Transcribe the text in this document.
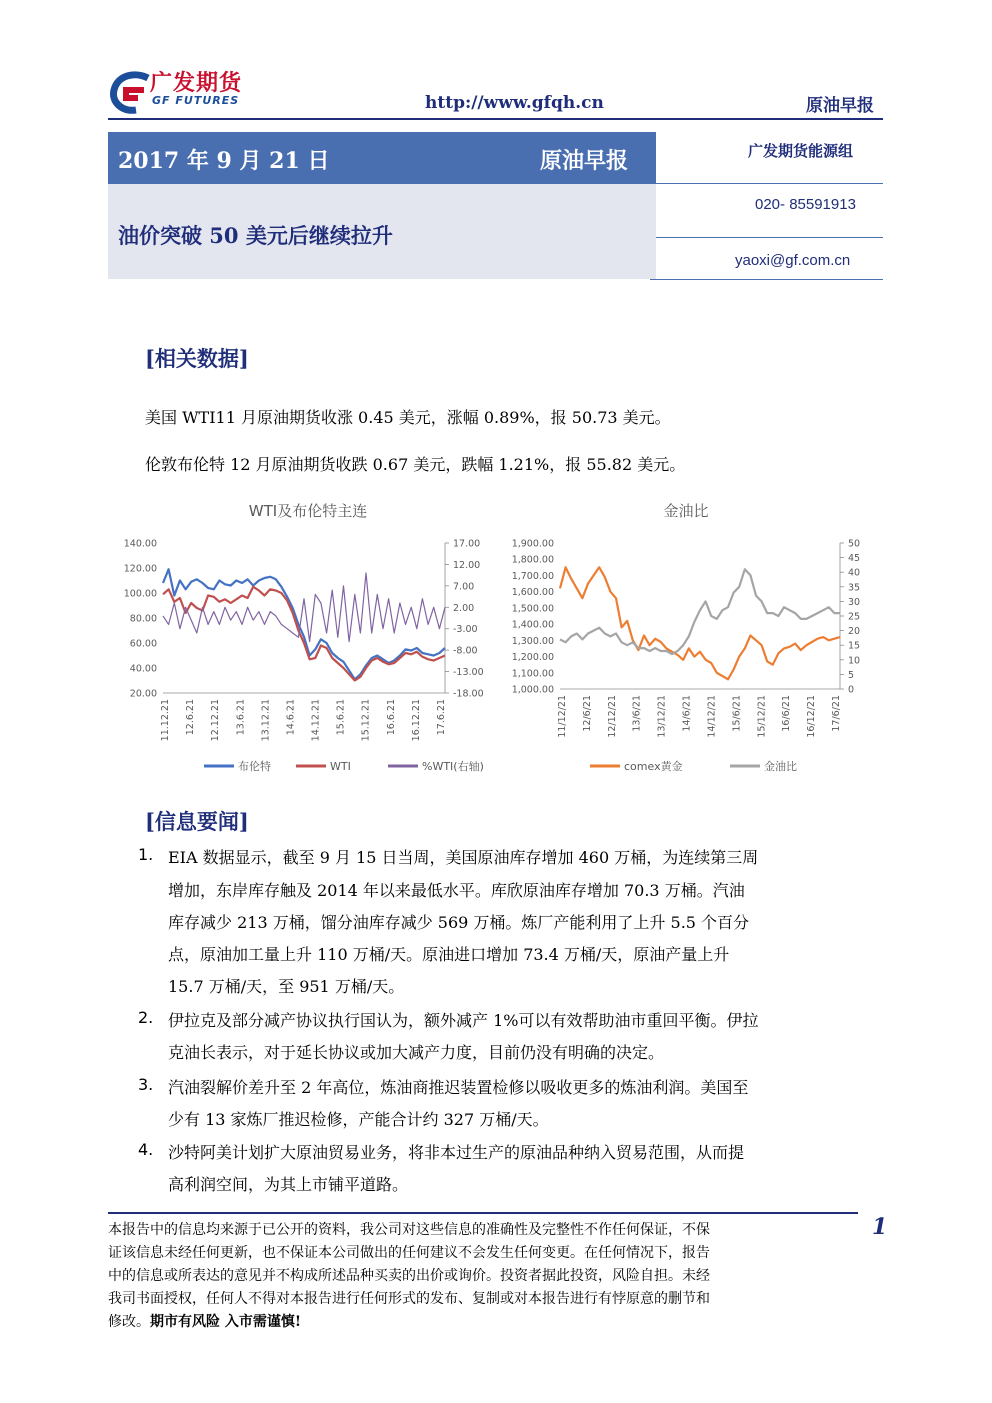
广发期货
GF FUTURES	http://www.gfqh.cn	原油早报
2017 年 9 月 21 日	原油早报
油价突破 50 美元后继续拉升
广发期货能源组
020- 85591913
yaoxi@gf.com.cn
[相关数据]
美国 WTI11 月原油期货收涨 0.45 美元，涨幅 0.89%，报 50.73 美元。
伦敦布伦特 12 月原油期货收跌 0.67 美元，跌幅 1.21%，报 55.82 美元。
WTI及布伦特主连
140.00
120.00
100.00
80.00
60.00
40.00
20.00
17.00
12.00
7.00
2.00
-3.00
-8.00
-13.00
-18.00
11.12.21 12.6.21 12.12.21 13.6.21 13.12.21 14.6.21 14.12.21 15.6.21 15.12.21 16.6.21 16.12.21 17.6.21
布伦特	WTI	%WTI(右轴)
金油比
1,900.00
1,800.00
1,700.00
1,600.00
1,500.00
1,400.00
1,300.00
1,200.00
1,100.00
1,000.00
50
45
40
35
30
25
20
15
10
5
0
11/12/21 12/6/21 12/12/21 13/6/21 13/12/21 14/6/21 14/12/21 15/6/21 15/12/21 16/6/21 16/12/21 17/6/21
comex黄金	金油比
[信息要闻]
1. EIA 数据显示，截至 9 月 15 日当周，美国原油库存增加 460 万桶，为连续第三周
增加，东岸库存触及 2014 年以来最低水平。库欣原油库存增加 70.3 万桶。汽油
库存减少 213 万桶，馏分油库存减少 569 万桶。炼厂产能利用了上升 5.5 个百分
点，原油加工量上升 110 万桶/天。原油进口增加 73.4 万桶/天，原油产量上升
15.7 万桶/天，至 951 万桶/天。
2. 伊拉克及部分减产协议执行国认为，额外减产 1%可以有效帮助油市重回平衡。伊拉
克油长表示，对于延长协议或加大减产力度，目前仍没有明确的决定。
3. 汽油裂解价差升至 2 年高位，炼油商推迟装置检修以吸收更多的炼油利润。美国至
少有 13 家炼厂推迟检修，产能合计约 327 万桶/天。
4. 沙特阿美计划扩大原油贸易业务，将非本过生产的原油品种纳入贸易范围，从而提
高利润空间，为其上市铺平道路。
1
本报告中的信息均来源于已公开的资料，我公司对这些信息的准确性及完整性不作任何保证，不保
证该信息未经任何更新，也不保证本公司做出的任何建议不会发生任何变更。在任何情况下，报告
中的信息或所表达的意见并不构成所述品种买卖的出价或询价。投资者据此投资，风险自担。未经
我司书面授权，任何人不得对本报告进行任何形式的发布、复制或对本报告进行有悖原意的删节和
修改。期市有风险 入市需谨慎!
